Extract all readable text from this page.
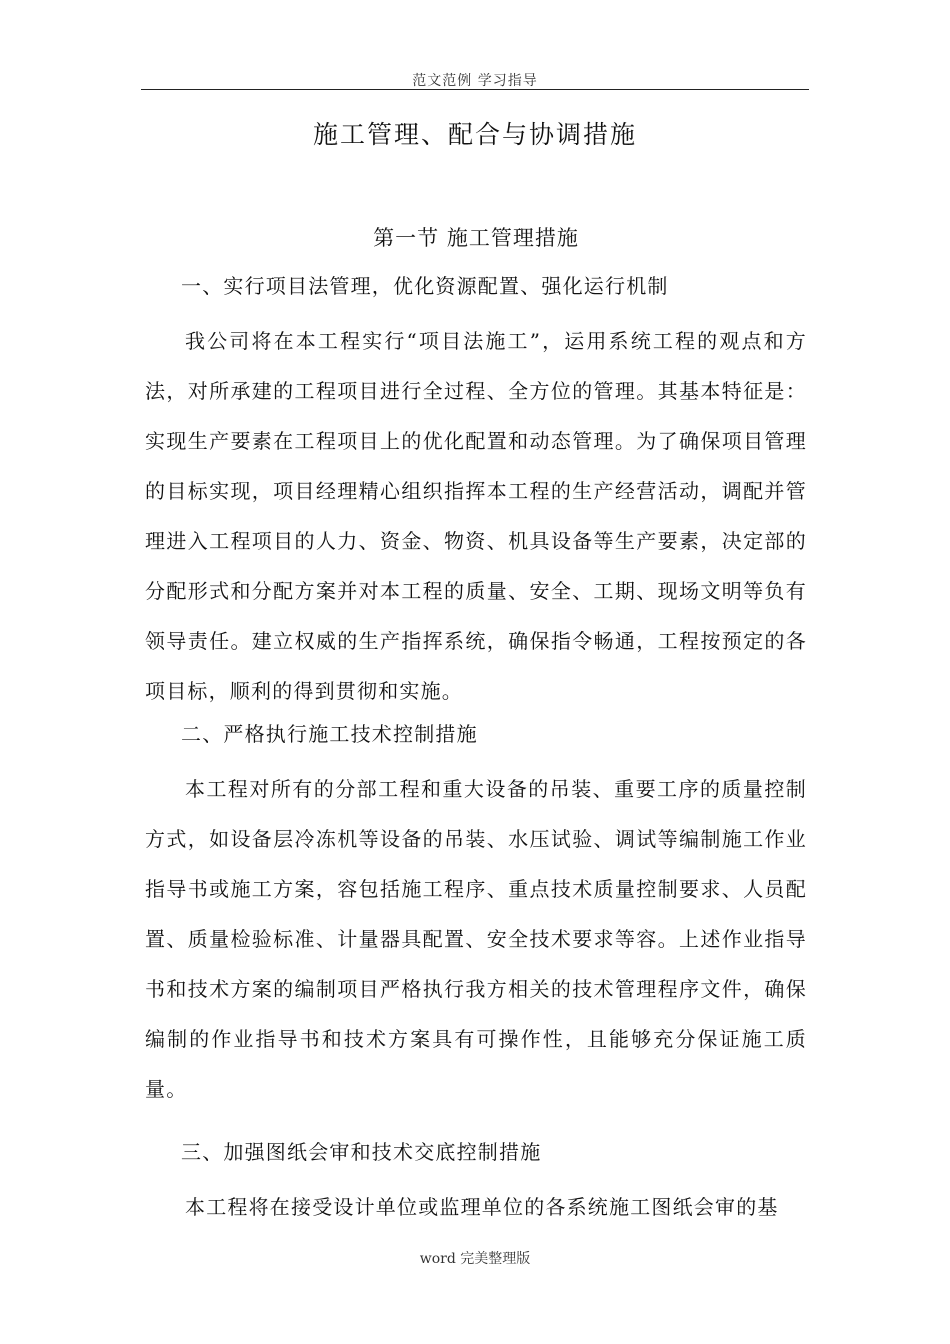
范文范例 学习指导
施工管理、配合与协调措施
第一节 施工管理措施
一、实行项目法管理，优化资源配置、强化运行机制

我公司将在本工程实行“项目法施工”，运用系统工程的观点和方法，对所承建的工程项目进行全过程、全方位的管理。其基本特征是：实现生产要素在工程项目上的优化配置和动态管理。为了确保项目管理的目标实现，项目经理精心组织指挥本工程的生产经营活动，调配并管理进入工程项目的人力、资金、物资、机具设备等生产要素，决定部的分配形式和分配方案并对本工程的质量、安全、工期、现场文明等负有领导责任。建立权威的生产指挥系统，确保指令畅通，工程按预定的各项目标，顺利的得到贯彻和实施。

二、严格执行施工技术控制措施

本工程对所有的分部工程和重大设备的吊装、重要工序的质量控制方式，如设备层冷冻机等设备的吊装、水压试验、调试等编制施工作业指导书或施工方案，容包括施工程序、重点技术质量控制要求、人员配置、质量检验标准、计量器具配置、安全技术要求等容。上述作业指导书和技术方案的编制项目严格执行我方相关的技术管理程序文件，确保编制的作业指导书和技术方案具有可操作性，且能够充分保证施工质量。

三、加强图纸会审和技术交底控制措施

本工程将在接受设计单位或监理单位的各系统施工图纸会审的基

word 完美整理版
